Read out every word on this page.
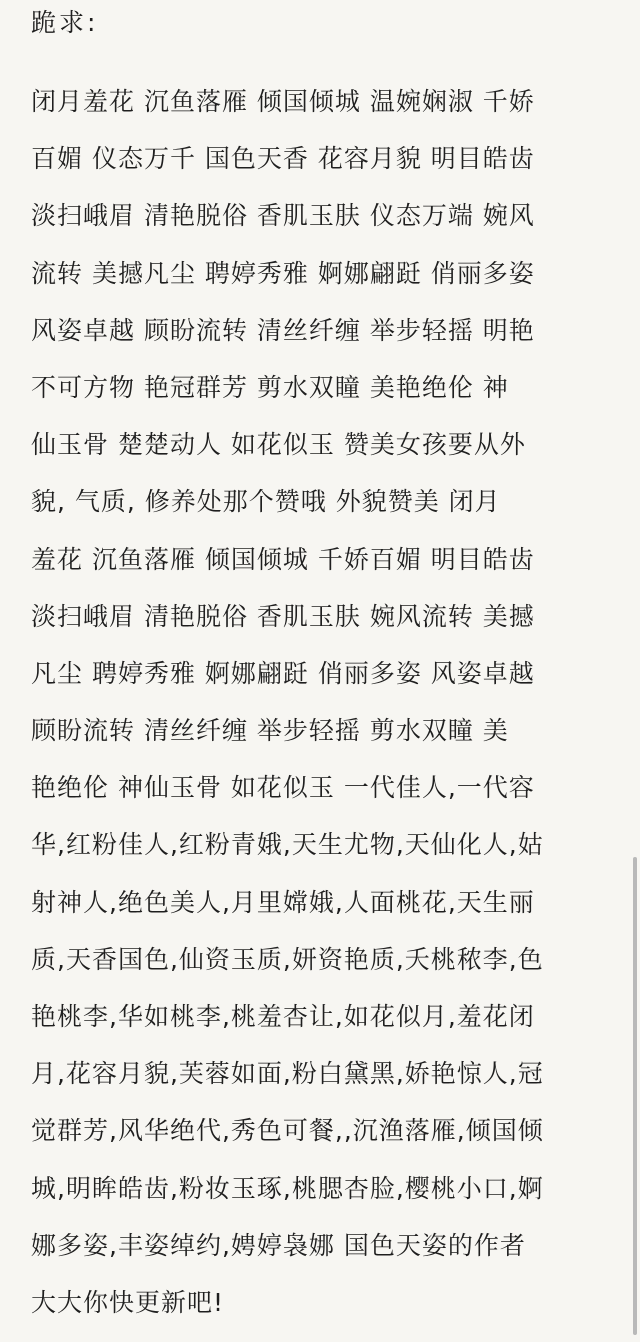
跪求:
闭月羞花 沉鱼落雁 倾国倾城 温婉娴淑 千娇
百媚 仪态万千 国色天香 花容月貌 明目皓齿
淡扫峨眉 清艳脱俗 香肌玉肤 仪态万端 婉风
流转 美撼凡尘 聘婷秀雅 婀娜翩跹 俏丽多姿
风姿卓越 顾盼流转 清丝纤缠 举步轻摇 明艳
不可方物 艳冠群芳 剪水双瞳 美艳绝伦 神
仙玉骨 楚楚动人 如花似玉 赞美女孩要从外
貌, 气质, 修养处那个赞哦 外貌赞美 闭月
羞花 沉鱼落雁 倾国倾城 千娇百媚 明目皓齿
淡扫峨眉 清艳脱俗 香肌玉肤 婉风流转 美撼
凡尘 聘婷秀雅 婀娜翩跹 俏丽多姿 风姿卓越
顾盼流转 清丝纤缠 举步轻摇 剪水双瞳 美
艳绝伦 神仙玉骨 如花似玉 一代佳人,一代容
华,红粉佳人,红粉青娥,天生尤物,天仙化人,姑
射神人,绝色美人,月里嫦娥,人面桃花,天生丽
质,天香国色,仙资玉质,妍资艳质,夭桃秾李,色
艳桃李,华如桃李,桃羞杏让,如花似月,羞花闭
月,花容月貌,芙蓉如面,粉白黛黑,娇艳惊人,冠
觉群芳,风华绝代,秀色可餐,,沉渔落雁,倾国倾
城,明眸皓齿,粉妆玉琢,桃腮杏脸,樱桃小口,婀
娜多姿,丰姿绰约,娉婷袅娜 国色天姿的作者
大大你快更新吧!
